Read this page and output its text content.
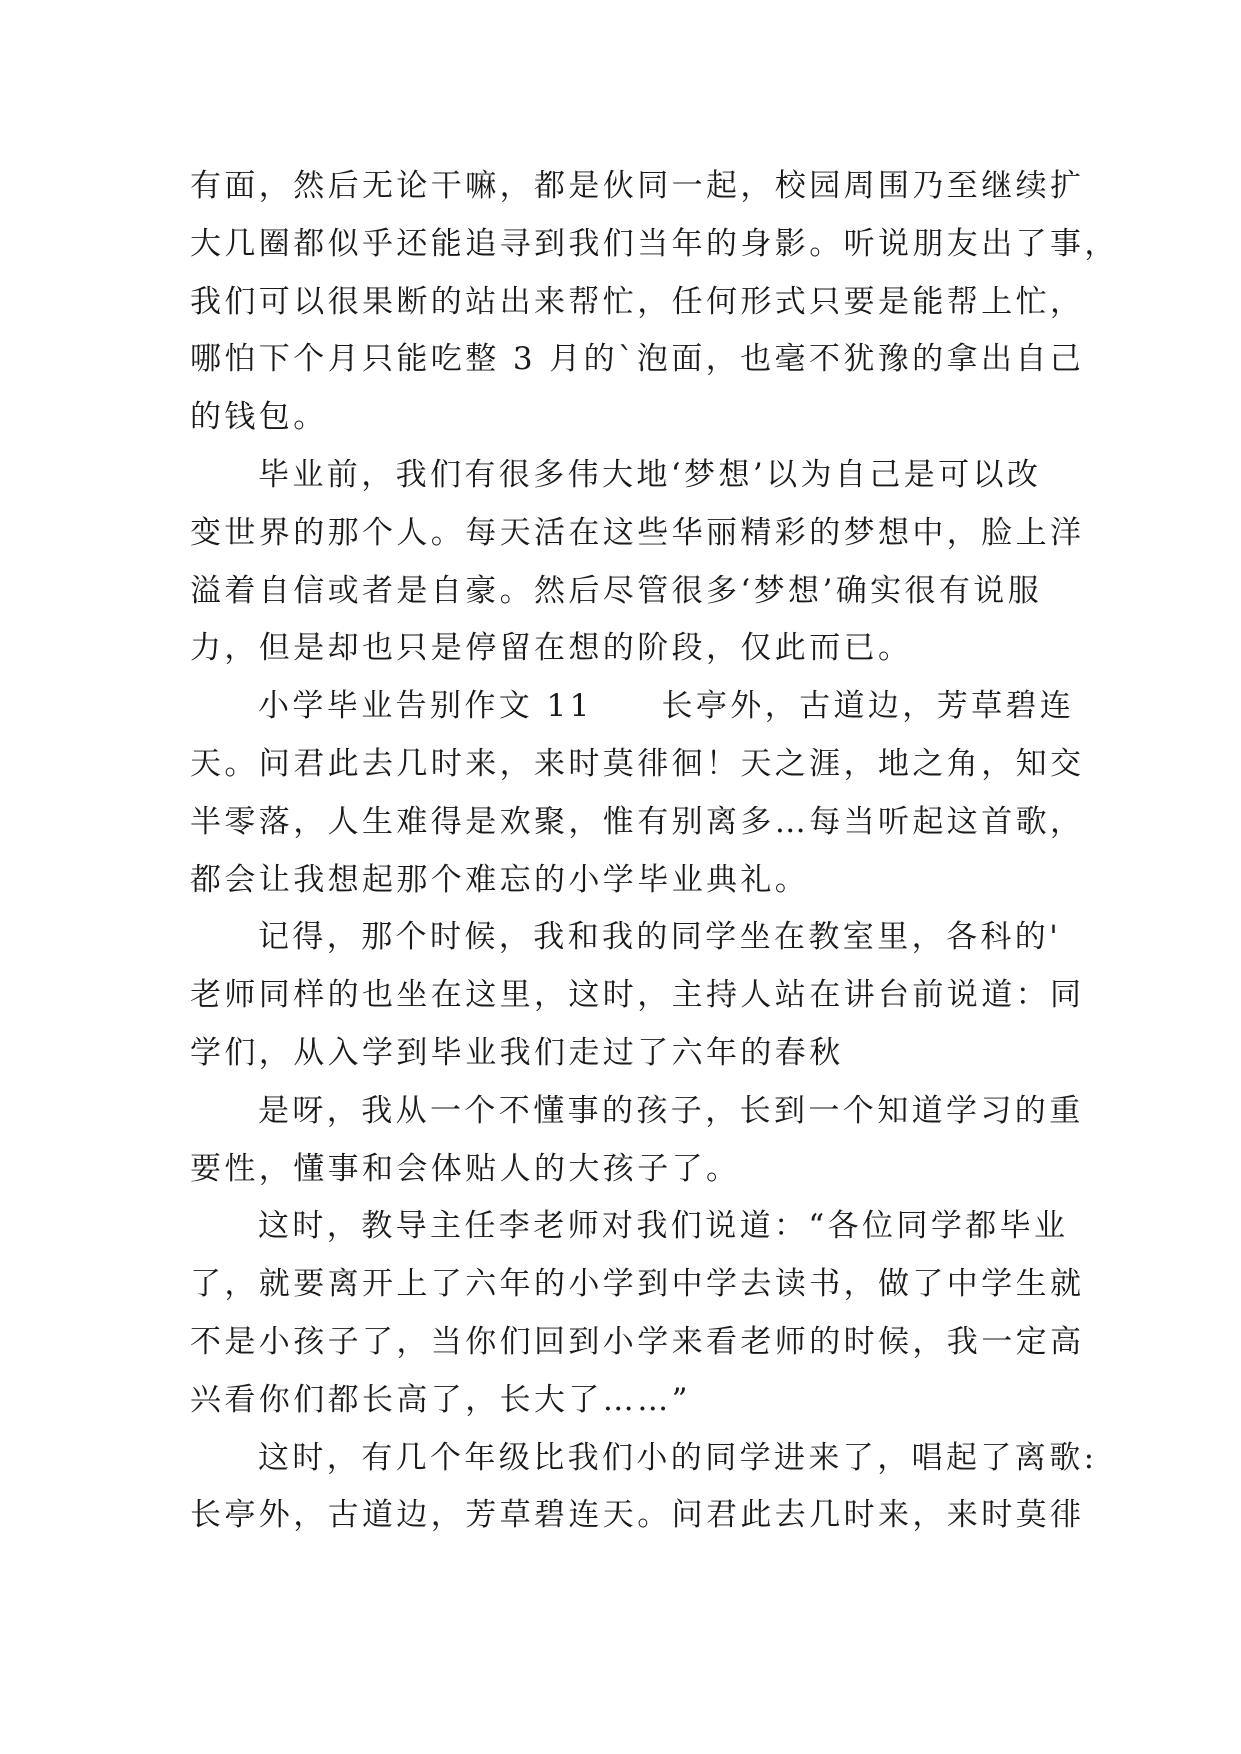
有面，然后无论干嘛，都是伙同一起，校园周围乃至继续扩
大几圈都似乎还能追寻到我们当年的身影。听说朋友出了事，
我们可以很果断的站出来帮忙，任何形式只要是能帮上忙，
哪怕下个月只能吃整 3 月的`泡面，也毫不犹豫的拿出自己
的钱包。
毕业前，我们有很多伟大地‘梦想’以为自己是可以改
变世界的那个人。每天活在这些华丽精彩的梦想中，脸上洋
溢着自信或者是自豪。然后尽管很多‘梦想’确实很有说服
力，但是却也只是停留在想的阶段，仅此而已。
小学毕业告别作文 11　　长亭外，古道边，芳草碧连
天。问君此去几时来，来时莫徘徊！天之涯，地之角，知交
半零落，人生难得是欢聚，惟有别离多…每当听起这首歌，
都会让我想起那个难忘的小学毕业典礼。
记得，那个时候，我和我的同学坐在教室里，各科的'
老师同样的也坐在这里，这时，主持人站在讲台前说道：同
学们，从入学到毕业我们走过了六年的春秋
是呀，我从一个不懂事的孩子，长到一个知道学习的重
要性，懂事和会体贴人的大孩子了。
这时，教导主任李老师对我们说道：“各位同学都毕业
了，就要离开上了六年的小学到中学去读书，做了中学生就
不是小孩子了，当你们回到小学来看老师的时候，我一定高
兴看你们都长高了，长大了……”
这时，有几个年级比我们小的同学进来了，唱起了离歌:
长亭外，古道边，芳草碧连天。问君此去几时来，来时莫徘
